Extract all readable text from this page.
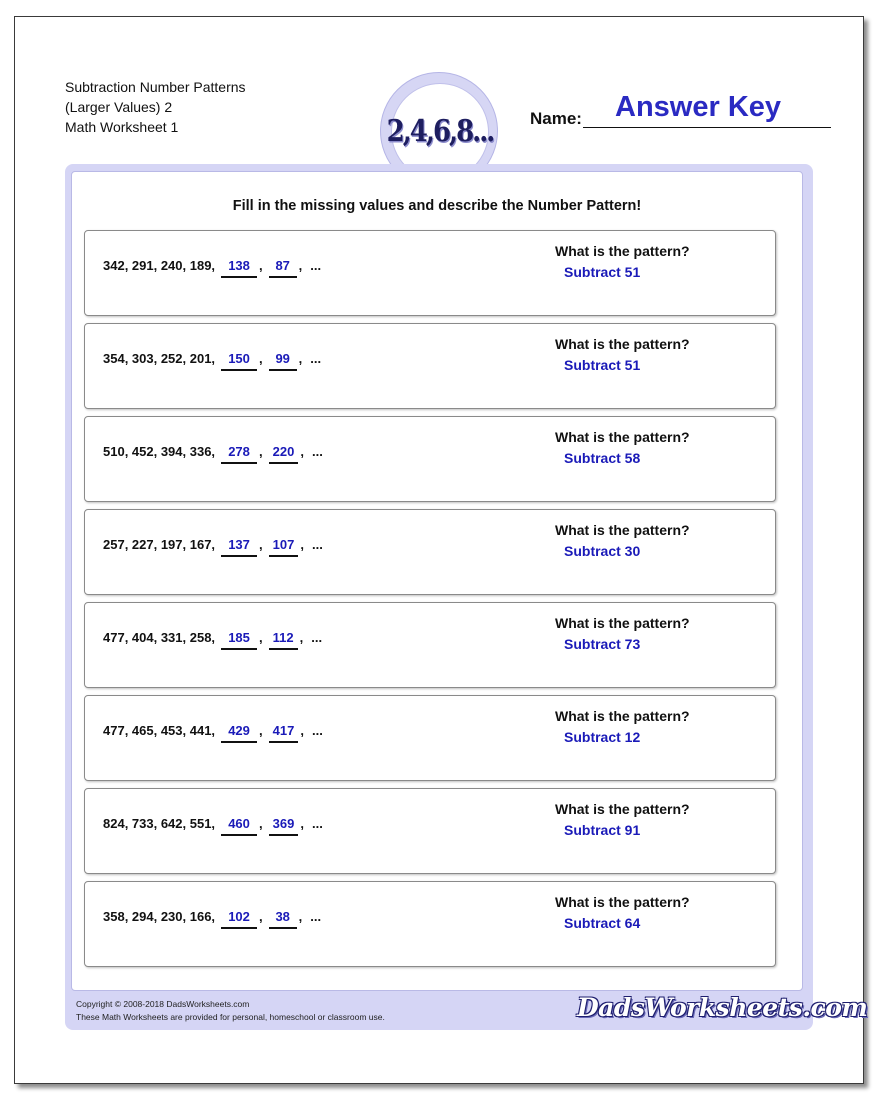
Subtraction Number Patterns
(Larger Values) 2
Math Worksheet 1	2,4,6,8...
Answer Key
Name:
Fill in the missing values and describe the Number Pattern!
342, 291, 240, 189,	138 , 87 , ...
What is the pattern?
Subtract 51
354, 303, 252, 201,	150 , 99 , ...
What is the pattern?
Subtract 51
510, 452, 394, 336,	278 , 220 , ...
What is the pattern?
Subtract 58
257, 227, 197, 167,	137 , 107 , ...
What is the pattern?
Subtract 30
477, 404, 331, 258,	185 , 112 , ...
What is the pattern?
Subtract 73
477, 465, 453, 441,	429 , 417 , ...
What is the pattern?
Subtract 12
824, 733, 642, 551,	460 , 369 , ...
What is the pattern?
Subtract 91
358, 294, 230, 166,	102 , 38 , ...
What is the pattern?
Subtract 64
Copyright © 2008-2018 DadsWorksheets.com
These Math Worksheets are provided for personal, homeschool or classroom use.	DadsWorksheets.com
